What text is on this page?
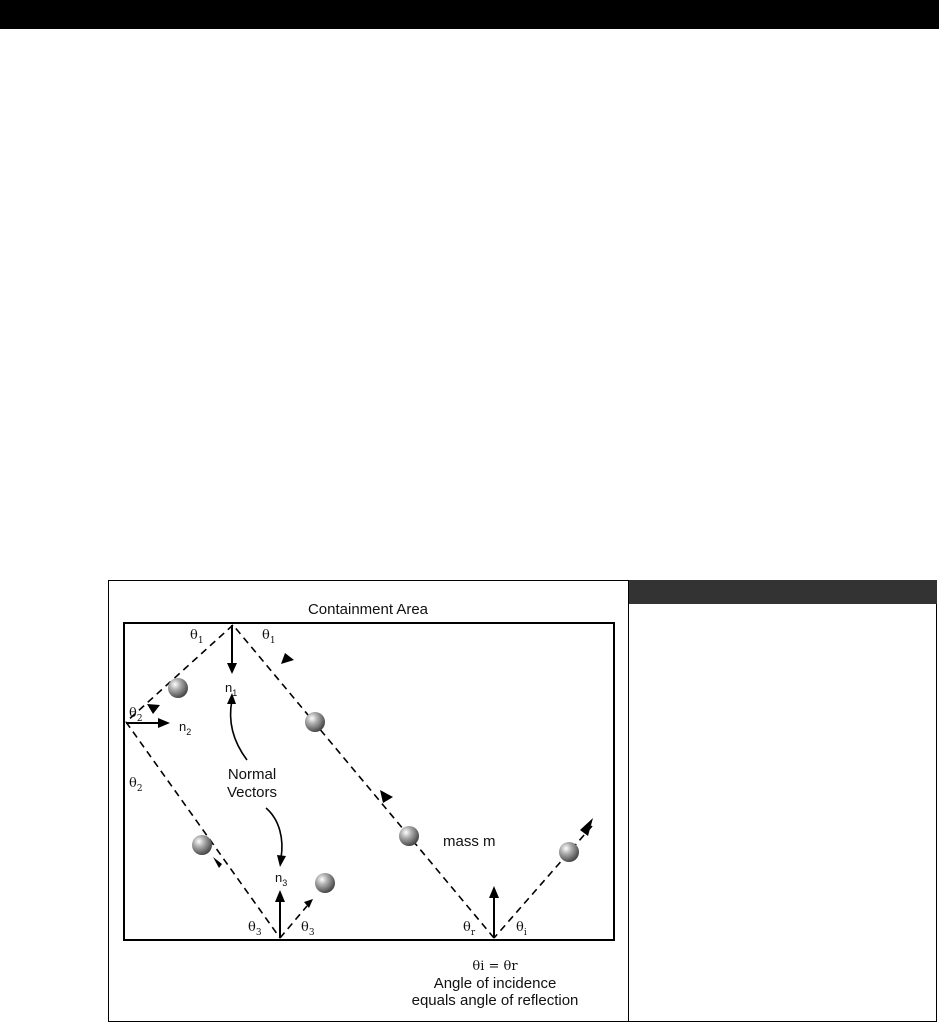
Containment Area
$\theta_1$	$\theta_1$
$\theta_2$
$\theta_2$
$\theta_3$	$\theta_3$	$\theta_r$	$\theta_i$
$n_1$
$n_2$
$n_3$
Normal
Vectors
mass m
θi = θr
Angle of incidence
equals angle of reflection
